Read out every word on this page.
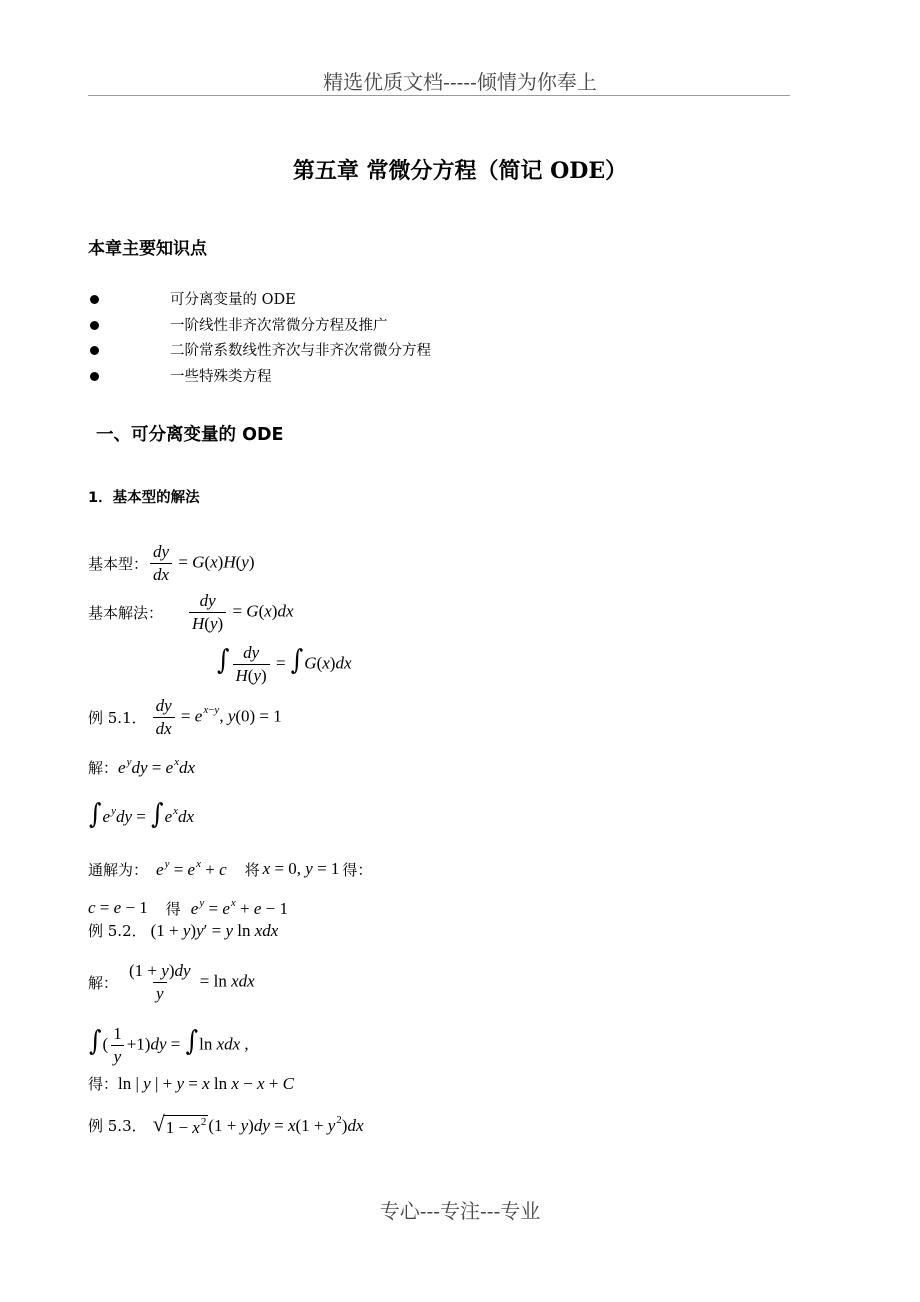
精选优质文档-----倾情为你奉上
第五章 常微分方程（简记 ODE）
本章主要知识点
可分离变量的 ODE
一阶线性非齐次常微分方程及推广
二阶常系数线性齐次与非齐次常微分方程
一些特殊类方程
一、可分离变量的 ODE
1．基本型的解法
基本型： $\frac{dy}{dx} = G(x)H(y)$
基本解法： $\frac{dy}{H(y)} = G(x)dx$
∫ $\frac{dy}{H(y)} = \int G(x)dx$
例 5.1． $\frac{dy}{dx} = e^{x-y}$, y(0) = 1
解： $e^ydy = e^xdx$
$\int e^ydy = \int e^xdx$
通解为： $e^y = e^x + c$ 将 x = 0, y = 1 得：
c = e − 1 得 $e^y = e^x + e - 1$
例 5.2． (1 + y)y′ = y ln xdx
解： $\frac{(1 + y)dy}{y} = \ln$ xdx
∫( $\frac{1}{y} +1)dy = \int\ln$ xdx ,
得： ln | y | + y = x ln x − x + C
例 5.3． √ $1 - x^2$ $(1 + y)dy = x(1 + y^2)dx$
专心---专注---专业
